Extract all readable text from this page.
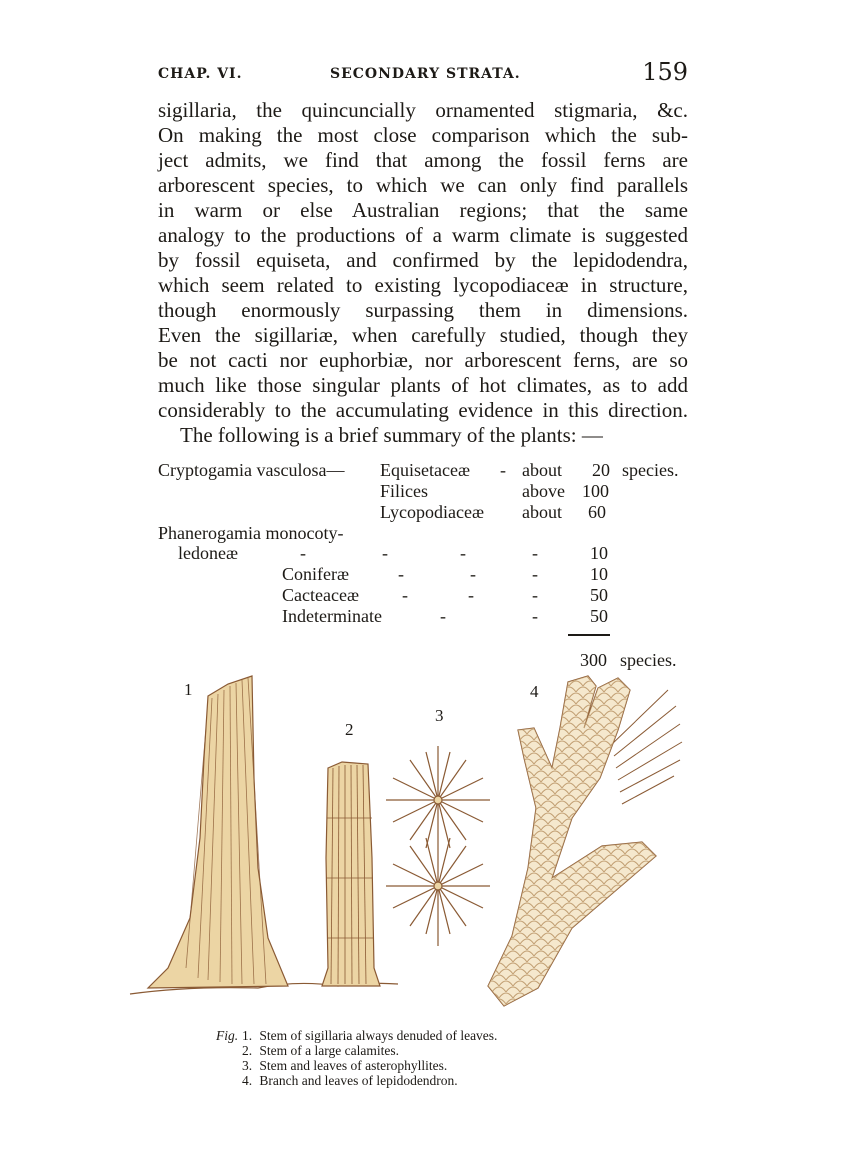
CHAP. VI.	SECONDARY STRATA.	159
sigillaria, the quincuncially ornamented stigmaria, &c.
On making the most close comparison which the sub-
ject admits, we find that among the fossil ferns are
arborescent species, to which we can only find parallels
in warm or else Australian regions; that the same
analogy to the productions of a warm climate is suggested
by fossil equiseta, and confirmed by the lepidodendra,
which seem related to existing lycopodiaceæ in structure,
though enormously surpassing them in dimensions.
Even the sigillariæ, when carefully studied, though they
be not cacti nor euphorbiæ, nor arborescent ferns, are so
much like those singular plants of hot climates, as to add
considerably to the accumulating evidence in this direction.
The following is a brief summary of the plants: —
Cryptogamia vasculosa— Equisetaceæ - about 20 species.
Filices	above 100
Lycopodiaceæ about 60
Phanerogamia monocoty-
ledoneæ	-	-	-	-	10
Coniferæ	-	-	-	10
Cacteaceæ -	-	-	50
Indeterminate	-	-	50
300 species.
1
2
3
4
Fig. 1. Stem of sigillaria always denuded of leaves.
2. Stem of a large calamites.
3. Stem and leaves of asterophyllites.
4. Branch and leaves of lepidodendron.
